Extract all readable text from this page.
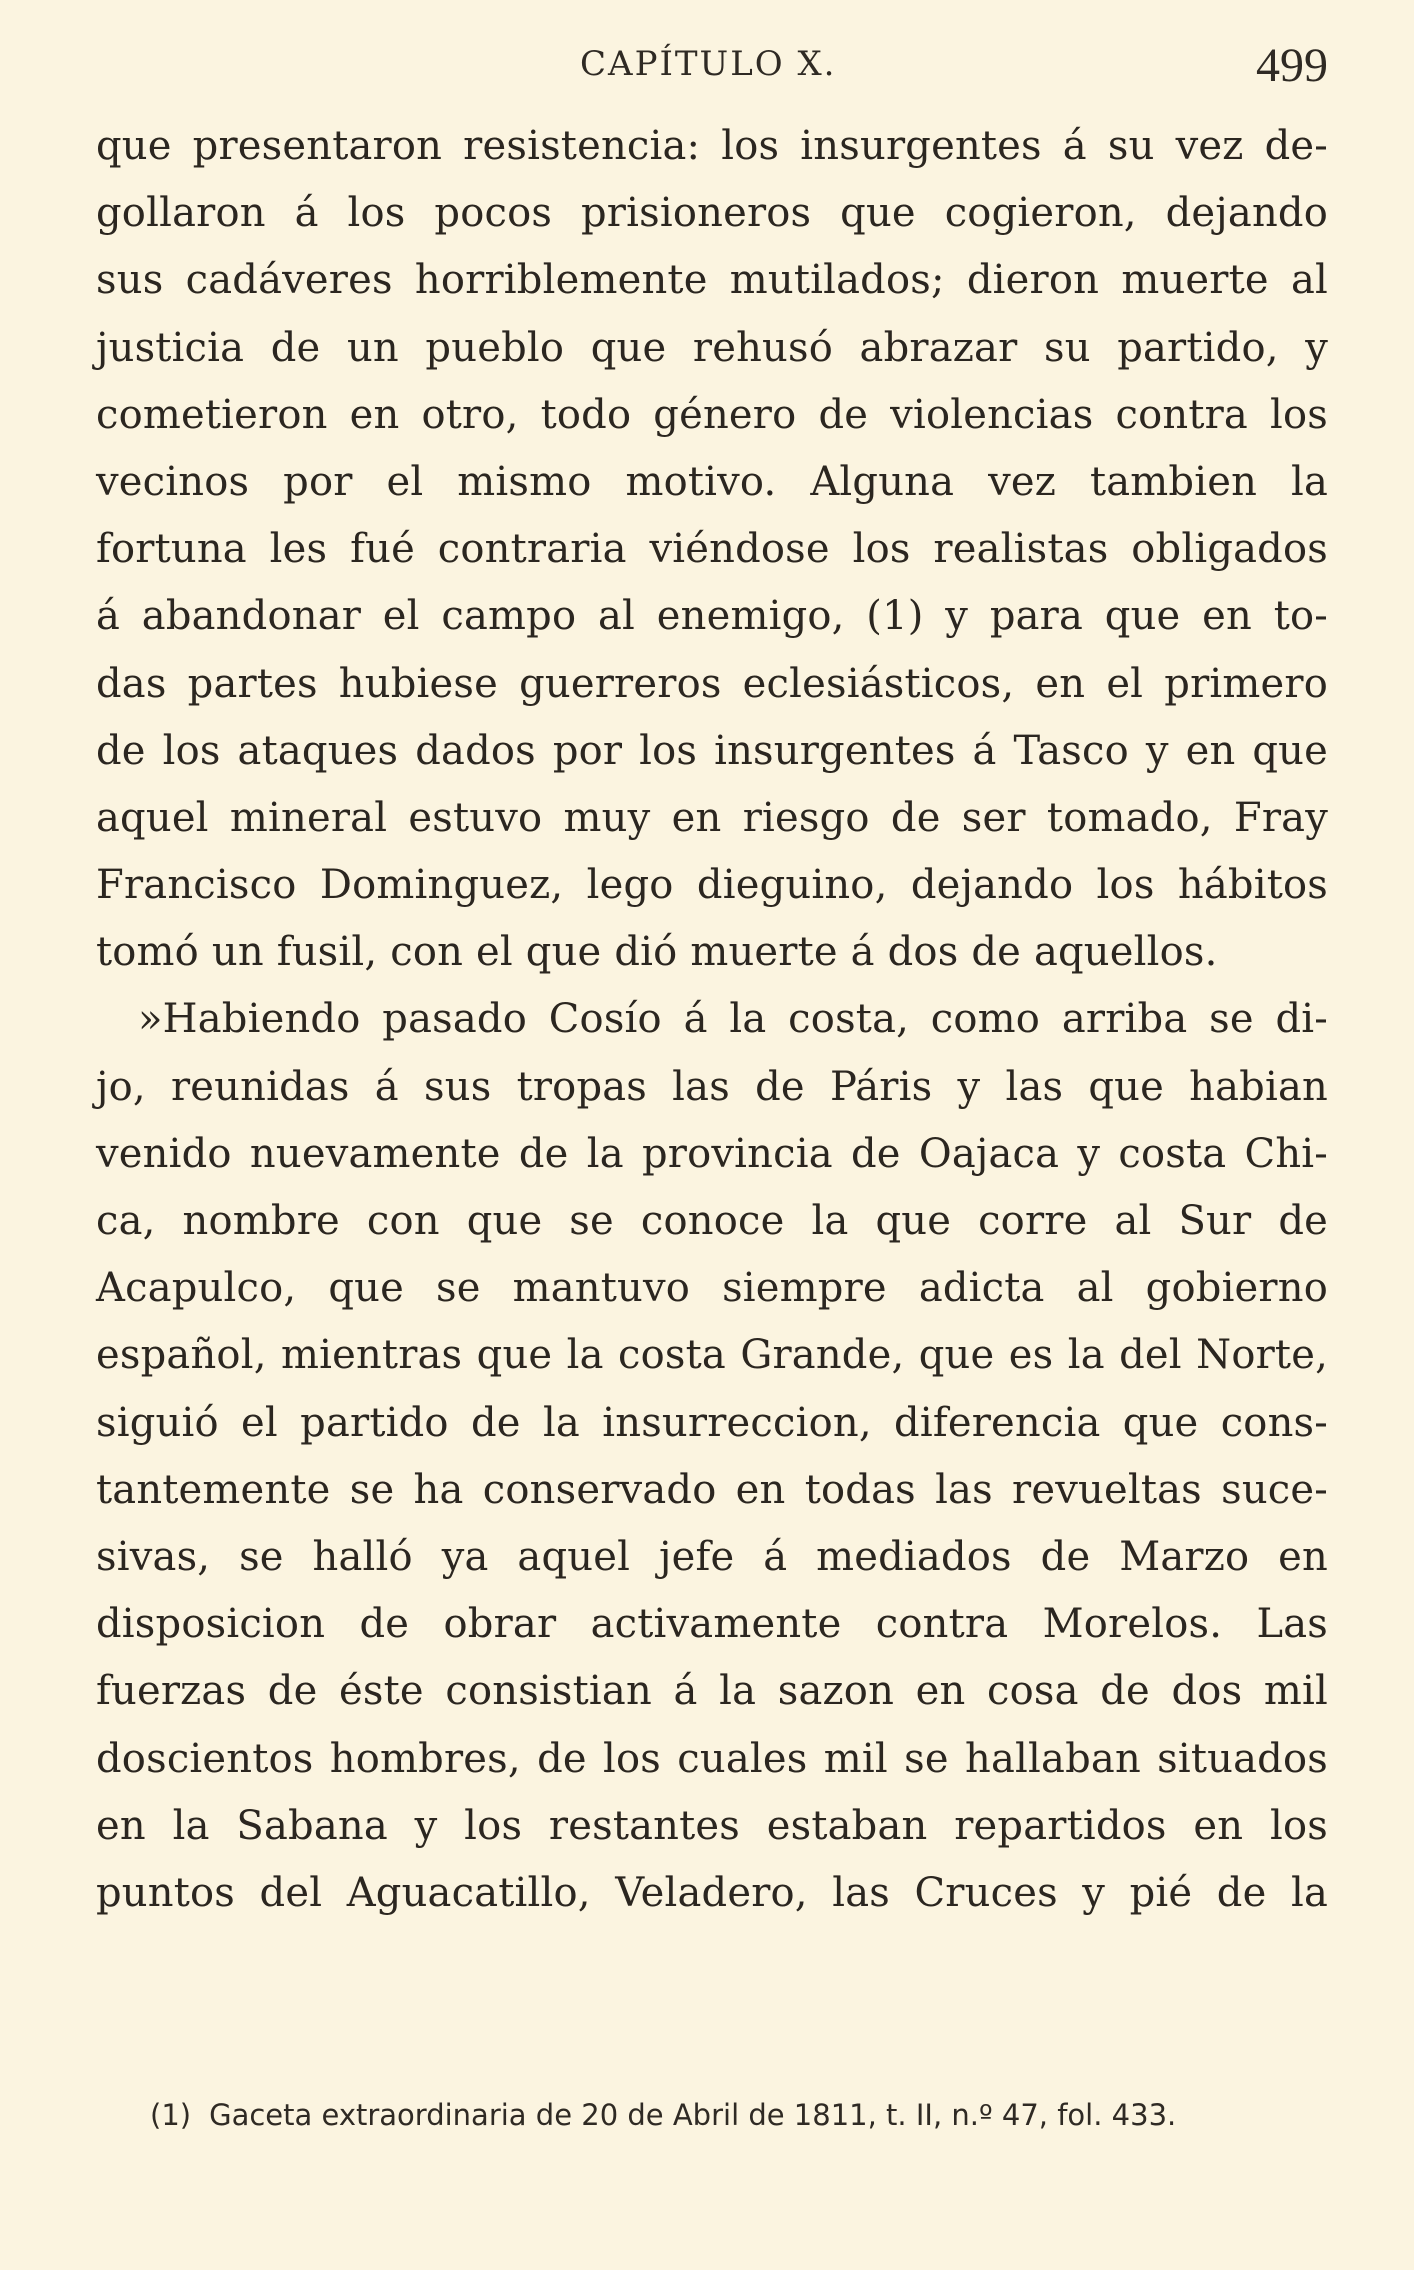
CAPÍTULO X.	499
que presentaron resistencia: los insurgentes á su vez de-
gollaron á los pocos prisioneros que cogieron, dejando
sus cadáveres horriblemente mutilados; dieron muerte al
justicia de un pueblo que rehusó abrazar su partido, y
cometieron en otro, todo género de violencias contra los
vecinos por el mismo motivo. Alguna vez tambien la
fortuna les fué contraria viéndose los realistas obligados
á abandonar el campo al enemigo, (1) y para que en to-
das partes hubiese guerreros eclesiásticos, en el primero
de los ataques dados por los insurgentes á Tasco y en que
aquel mineral estuvo muy en riesgo de ser tomado, Fray
Francisco Dominguez, lego dieguino, dejando los hábitos
tomó un fusil, con el que dió muerte á dos de aquellos.
»Habiendo pasado Cosío á la costa, como arriba se di-
jo, reunidas á sus tropas las de Páris y las que habian
venido nuevamente de la provincia de Oajaca y costa Chi-
ca, nombre con que se conoce la que corre al Sur de
Acapulco, que se mantuvo siempre adicta al gobierno
español, mientras que la costa Grande, que es la del Norte,
siguió el partido de la insurreccion, diferencia que cons-
tantemente se ha conservado en todas las revueltas suce-
sivas, se halló ya aquel jefe á mediados de Marzo en
disposicion de obrar activamente contra Morelos. Las
fuerzas de éste consistian á la sazon en cosa de dos mil
doscientos hombres, de los cuales mil se hallaban situados
en la Sabana y los restantes estaban repartidos en los
puntos del Aguacatillo, Veladero, las Cruces y pié de la
(1) Gaceta extraordinaria de 20 de Abril de 1811, t. II, n.º 47, fol. 433.
